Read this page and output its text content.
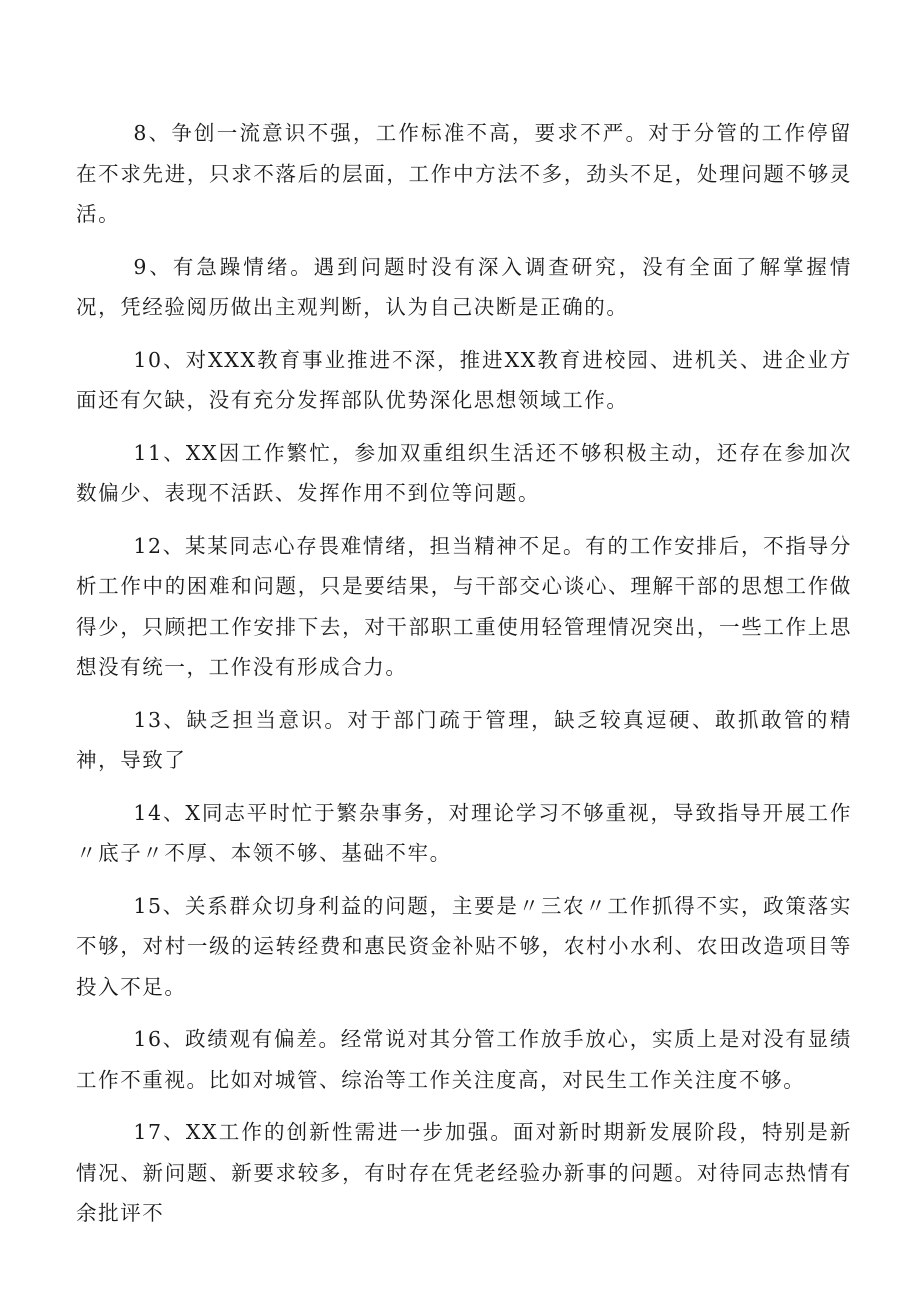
8、争创一流意识不强，工作标准不高，要求不严。对于分管的工作停留在不求先进，只求不落后的层面，工作中方法不多，劲头不足，处理问题不够灵活。

9、有急躁情绪。遇到问题时没有深入调查研究，没有全面了解掌握情况，凭经验阅历做出主观判断，认为自己决断是正确的。

10、对XXX教育事业推进不深，推进XX教育进校园、进机关、进企业方面还有欠缺，没有充分发挥部队优势深化思想领域工作。

11、XX因工作繁忙，参加双重组织生活还不够积极主动，还存在参加次数偏少、表现不活跃、发挥作用不到位等问题。

12、某某同志心存畏难情绪，担当精神不足。有的工作安排后，不指导分析工作中的困难和问题，只是要结果，与干部交心谈心、理解干部的思想工作做得少，只顾把工作安排下去，对干部职工重使用轻管理情况突出，一些工作上思想没有统一，工作没有形成合力。

13、缺乏担当意识。对于部门疏于管理，缺乏较真逗硬、敢抓敢管的精神，导致了

14、X同志平时忙于繁杂事务，对理论学习不够重视，导致指导开展工作〃底子〃不厚、本领不够、基础不牢。

15、关系群众切身利益的问题，主要是〃三农〃工作抓得不实，政策落实不够，对村一级的运转经费和惠民资金补贴不够，农村小水利、农田改造项目等投入不足。

16、政绩观有偏差。经常说对其分管工作放手放心，实质上是对没有显绩工作不重视。比如对城管、综治等工作关注度高，对民生工作关注度不够。

17、XX工作的创新性需进一步加强。面对新时期新发展阶段，特别是新情况、新问题、新要求较多，有时存在凭老经验办新事的问题。对待同志热情有余批评不
